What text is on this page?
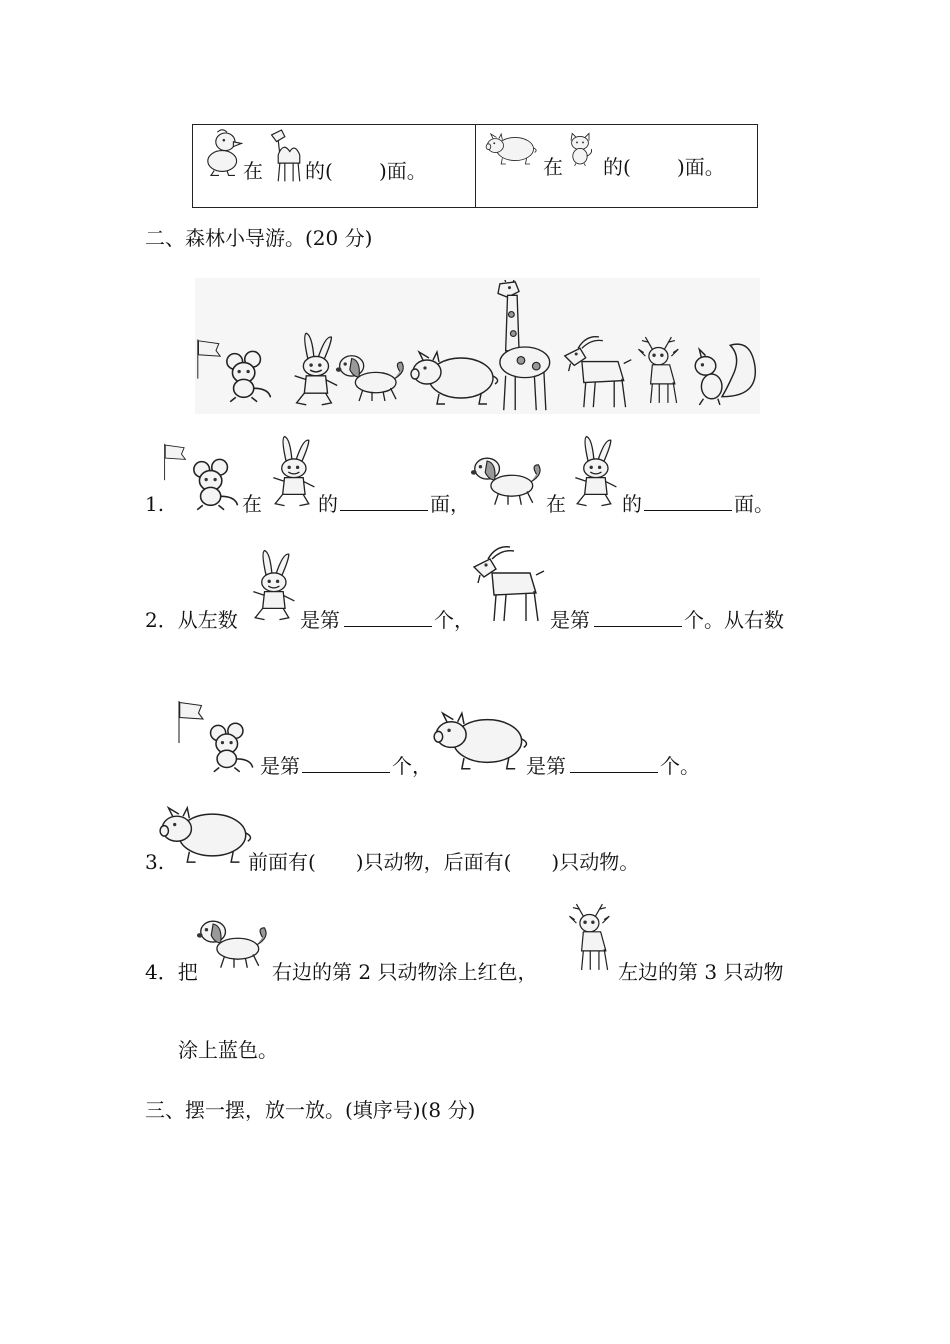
在 的( )面。	在 的( )面。
二、森林小导游。(20 分)
1.	在	的	面，	在	的	面。
2．从左数	是第	个，	是第	个。从右数
是第	个，	是第	个。
3.	前面有(　　)只动物，后面有(　　)只动物。
4．把	右边的第 2 只动物涂上红色，	左边的第 3 只动物
涂上蓝色。
三、摆一摆，放一放。(填序号)(8 分)
